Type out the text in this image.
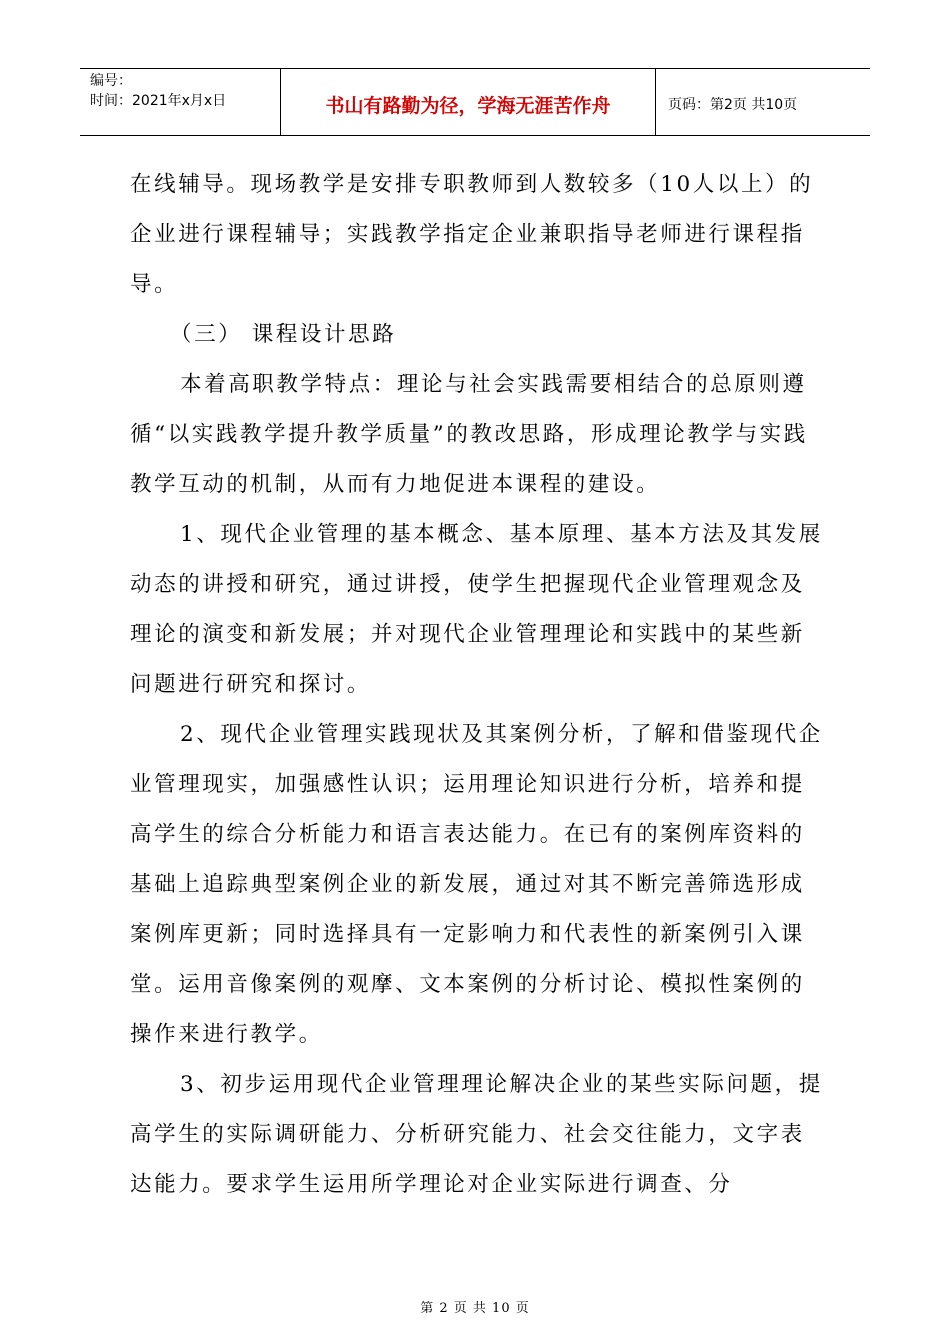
编号：
时间：2021年x月x日	书山有路勤为径，学海无涯苦作舟	页码：第2页 共10页

在线辅导。现场教学是安排专职教师到人数较多（10人以上）的企业进行课程辅导；实践教学指定企业兼职指导老师进行课程指导。

（三） 课程设计思路

本着高职教学特点：理论与社会实践需要相结合的总原则遵循“以实践教学提升教学质量”的教改思路，形成理论教学与实践教学互动的机制，从而有力地促进本课程的建设。

1、现代企业管理的基本概念、基本原理、基本方法及其发展动态的讲授和研究，通过讲授，使学生把握现代企业管理观念及理论的演变和新发展；并对现代企业管理理论和实践中的某些新问题进行研究和探讨。

2、现代企业管理实践现状及其案例分析，了解和借鉴现代企业管理现实，加强感性认识；运用理论知识进行分析，培养和提高学生的综合分析能力和语言表达能力。在已有的案例库资料的基础上追踪典型案例企业的新发展，通过对其不断完善筛选形成案例库更新；同时选择具有一定影响力和代表性的新案例引入课堂。运用音像案例的观摩、文本案例的分析讨论、模拟性案例的操作来进行教学。

3、初步运用现代企业管理理论解决企业的某些实际问题，提高学生的实际调研能力、分析研究能力、社会交往能力，文字表达能力。要求学生运用所学理论对企业实际进行调查、分

第 2 页 共 10 页
